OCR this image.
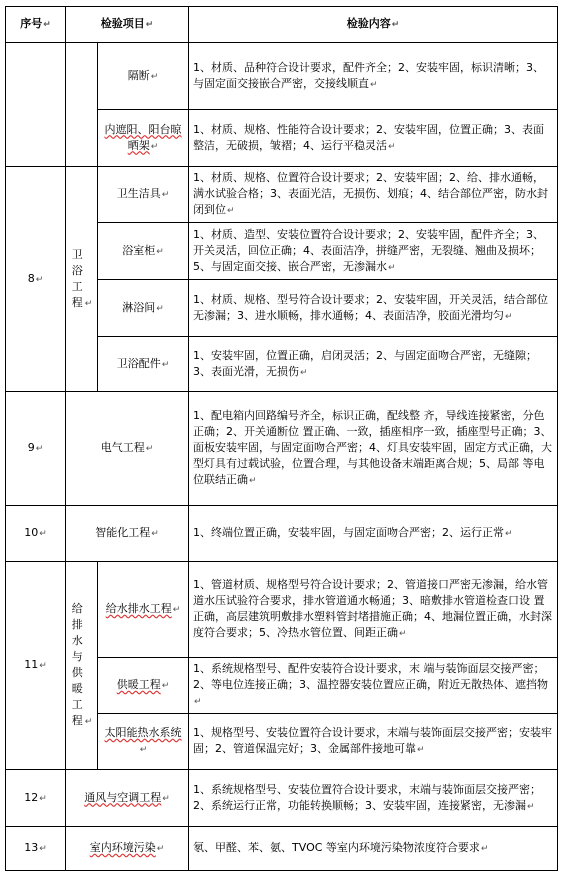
序号 ↵	检验项目 ↵		检验内容 ↵
		隔断 ↵	1、材质、品种符合设计要求，配件齐全；2、安装牢固，标识清晰；3、与固定面交接嵌合严密，交接线顺直 ↵
		内遮阳、阳台晾晒架 ↵	1、材质、规格、性能符合设计要求；2、安装牢固，位置正确；3、表面整洁，无破损，皱褶；4、运行平稳灵活 ↵
8 ↵	卫浴工程 ↵	卫生洁具 ↵	1、材质、规格、位置符合设计要求；2、安装牢固；2、给、排水通畅，满水试验合格；3、表面光洁，无损伤、划痕；4、结合部位严密，防水封闭到位 ↵
		浴室柜 ↵	1、材质、造型、安装位置符合设计要求；2、安装牢固，配件齐全；3、开关灵活，回位正确；4、表面洁净，拼缝严密，无裂缝、翘曲及损坏；5、与固定面交接、嵌合严密，无渗漏水 ↵
		淋浴间 ↵	1、材质、规格、型号符合设计要求；2、安装牢固，开关灵活，结合部位无渗漏；3、进水顺畅，排水通畅；4、表面洁净，胶面光滑均匀 ↵
		卫浴配件 ↵	1、安装牢固，位置正确，启闭灵活；2、与固定面吻合严密，无缝隙；3、表面光滑，无损伤 ↵
9 ↵	电气工程 ↵		1、配电箱内回路编号齐全，标识正确，配线整 齐，导线连接紧密，分色正确；2、开关通断位 置正确、一致，插座相序一致，插座型号正确；3、面板安装牢固，与固定面吻合严密；4、灯具安装牢固，固定方式正确，大型灯具有过载试验，位置合理，与其他设备末端距离合规；5、局部 等电位联结正确 ↵
10 ↵	智能化工程 ↵		1、终端位置正确，安装牢固，与固定面吻合严密；2、运行正常 ↵
11 ↵	给排水与供暖工程 ↵	给水排水工程 ↵	1、管道材质、规格型号符合设计要求；2、管道接口严密无渗漏，给水管道水压试验符合要求，排水管道通水畅通；3、暗敷排水管道检查口设 置正确，高层建筑明敷排水塑料管封堵措施正确；4、地漏位置正确，水封深度符合要求；5、冷热水管位置、间距正确 ↵
		供暖工程 ↵	1、系统规格型号、配件安装符合设计要求，末 端与装饰面层交接严密；2、等电位连接正确；3、温控器安装位置应正确，附近无散热体、遮挡物 ↵
		太阳能热水系统 ↵	1、规格型号、安装位置符合设计要求，末端与装饰面层交接严密；安装牢固；2、管道保温完好；3、金属部件接地可靠 ↵
12 ↵	通风与空调工程 ↵		1、系统规格型号、安装位置符合设计要求，末端与装饰面层交接严密；2、系统运行正常，功能转换顺畅；3、安装牢固，连接紧密，无渗漏 ↵
13 ↵	室内环境污染 ↵		氡、甲醛、苯、氨、TVOC 等室内环境污染物浓度符合要求 ↵
